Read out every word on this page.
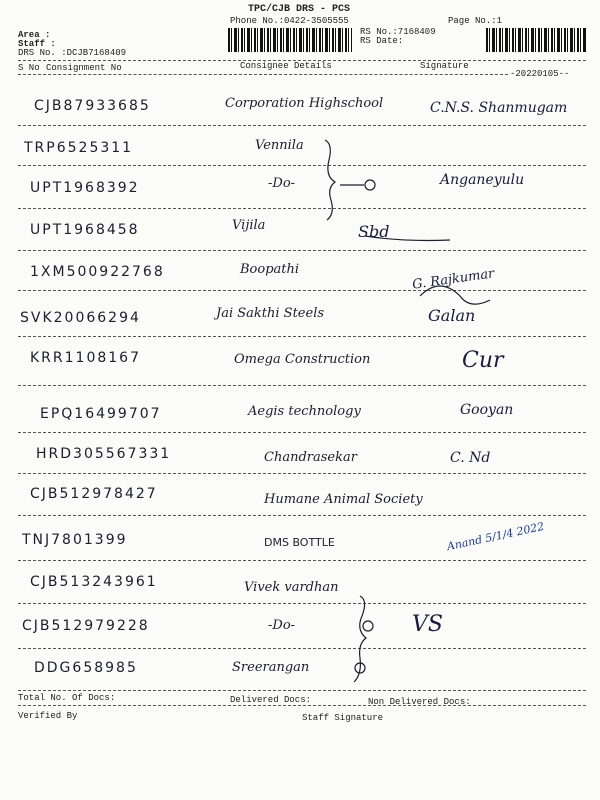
TPC/CJB DRS - PCS
Phone No.:0422-3505555	Page No.:1
Area :
Staff :
DRS No. :DCJB7168409
RS No.:7168409
RS Date:
S No Consignment No	Consignee Details	Signature
-20220105--
CJB87933685	Corporation Highschool	C.N.S. Shanmugam
TRP6525311	Vennila
UPT1968392	-Do-	Anganeyulu
UPT1968458	Vijila	Sbd
1XM500922768	Boopathi	G. Rajkumar
SVK20066294	Jai Sakthi Steels	Galan
KRR1108167	Omega Construction	Cur
EPQ16499707	Aegis technology	Gooyan
HRD305567331	Chandrasekar	C. Nd
CJB512978427	Humane Animal Society
TNJ7801399	DMS BOTTLE	Anand 5/1/4 2022
CJB513243961	Vivek vardhan
CJB512979228	-Do-	VS
DDG658985	Sreerangan
Total No. Of Docs:	Delivered Docs:	Non Delivered Docs:
Verified By	Staff Signature
